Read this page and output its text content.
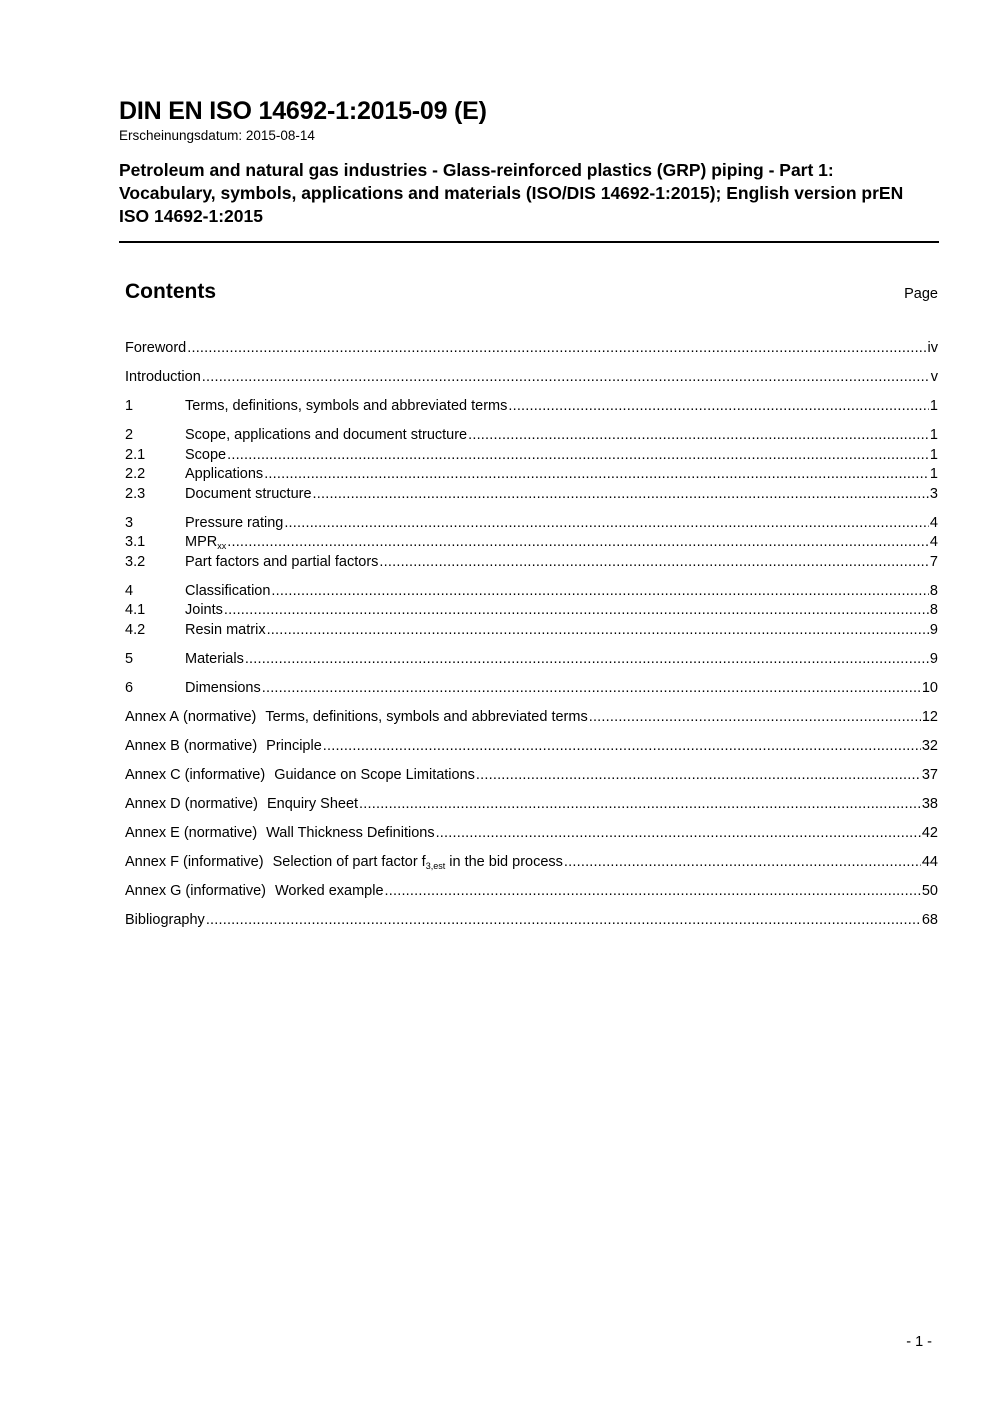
DIN EN ISO 14692-1:2015-09 (E)
Erscheinungsdatum: 2015-08-14
Petroleum and natural gas industries - Glass-reinforced plastics (GRP) piping - Part 1: Vocabulary, symbols, applications and materials (ISO/DIS 14692-1:2015); English version prEN ISO 14692-1:2015
Contents	Page
Foreword .....	iv
Introduction .....	v
1	Terms, definitions, symbols and abbreviated terms .....	1
2	Scope, applications and document structure .....	1
2.1	Scope .....	1
2.2	Applications .....	1
2.3	Document structure .....	3
3	Pressure rating .....	4
3.1	$MPR_{xx}$ .....	4
3.2	Part factors and partial factors .....	7
4	Classification .....	8
4.1	Joints .....	8
4.2	Resin matrix .....	9
5	Materials .....	9
6	Dimensions .....	10
Annex A (normative) Terms, definitions, symbols and abbreviated terms .....	12
Annex B (normative) Principle .....	32
Annex C (informative) Guidance on Scope Limitations .....	37
Annex D (normative) Enquiry Sheet .....	38
Annex E (normative) Wall Thickness Definitions .....	42
Annex F (informative) Selection of part factor $f_{3,est}$ in the bid process .....	44
Annex G (informative) Worked example .....	50
Bibliography .....	68
- 1 -
